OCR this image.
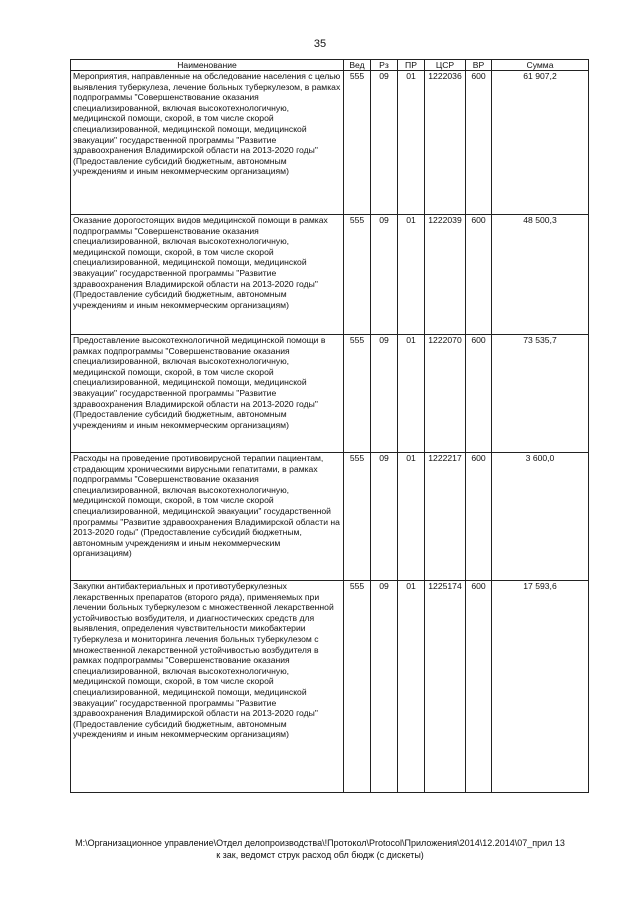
35
Наименование	Вед	Рз	ПР	ЦСР	ВР	Сумма
Мероприятия, направленные на обследование населения с целью выявления туберкулеза, лечение больных туберкулезом, в рамках подпрограммы "Совершенствование оказания специализированной, включая высокотехнологичную, медицинской помощи, скорой, в том числе скорой специализированной, медицинской помощи, медицинской эвакуации" государственной программы "Развитие здравоохранения Владимирской области на 2013-2020 годы" (Предоставление субсидий бюджетным, автономным учреждениям и иным некоммерческим организациям)	555	09	01	1222036	600	61 907,2
Оказание дорогостоящих видов медицинской помощи в рамках подпрограммы "Совершенствование оказания специализированной, включая высокотехнологичную, медицинской помощи, скорой, в том числе скорой специализированной, медицинской помощи, медицинской эвакуации" государственной программы "Развитие здравоохранения Владимирской области на 2013-2020 годы" (Предоставление субсидий бюджетным, автономным учреждениям и иным некоммерческим организациям)	555	09	01	1222039	600	48 500,3
Предоставление высокотехнологичной медицинской помощи в рамках подпрограммы "Совершенствование оказания специализированной, включая высокотехнологичную, медицинской помощи, скорой, в том числе скорой специализированной, медицинской помощи, медицинской эвакуации" государственной программы "Развитие здравоохранения Владимирской области на 2013-2020 годы" (Предоставление субсидий бюджетным, автономным учреждениям и иным некоммерческим организациям)	555	09	01	1222070	600	73 535,7
Расходы на проведение противовирусной терапии пациентам, страдающим хроническими вирусными гепатитами, в рамках подпрограммы "Совершенствование оказания специализированной, включая высокотехнологичную, медицинской помощи, скорой, в том числе скорой специализированной, медицинской эвакуации" государственной программы "Развитие здравоохранения Владимирской области на 2013-2020 годы" (Предоставление субсидий бюджетным, автономным учреждениям и иным некоммерческим организациям)	555	09	01	1222217	600	3 600,0
Закупки антибактериальных и противотуберкулезных лекарственных препаратов (второго ряда), применяемых при лечении больных туберкулезом с множественной лекарственной устойчивостью возбудителя, и диагностических средств для выявления, определения чувствительности микобактерии туберкулеза и мониторинга лечения больных туберкулезом с множественной лекарственной устойчивостью возбудителя в рамках подпрограммы "Совершенствование оказания специализированной, включая высокотехнологичную, медицинской помощи, скорой, в том числе скорой специализированной, медицинской помощи, медицинской эвакуации" государственной программы "Развитие здравоохранения Владимирской области на 2013-2020 годы" (Предоставление субсидий бюджетным, автономным учреждениям и иным некоммерческим организациям)	555	09	01	1225174	600	17 593,6
M:\Организационное управление\Отдел делопроизводства\!Протокол\Protocol\Приложения\2014\12.2014\07_прил 13
к зак, ведомст струк расход обл бюдж (с дискеты)
